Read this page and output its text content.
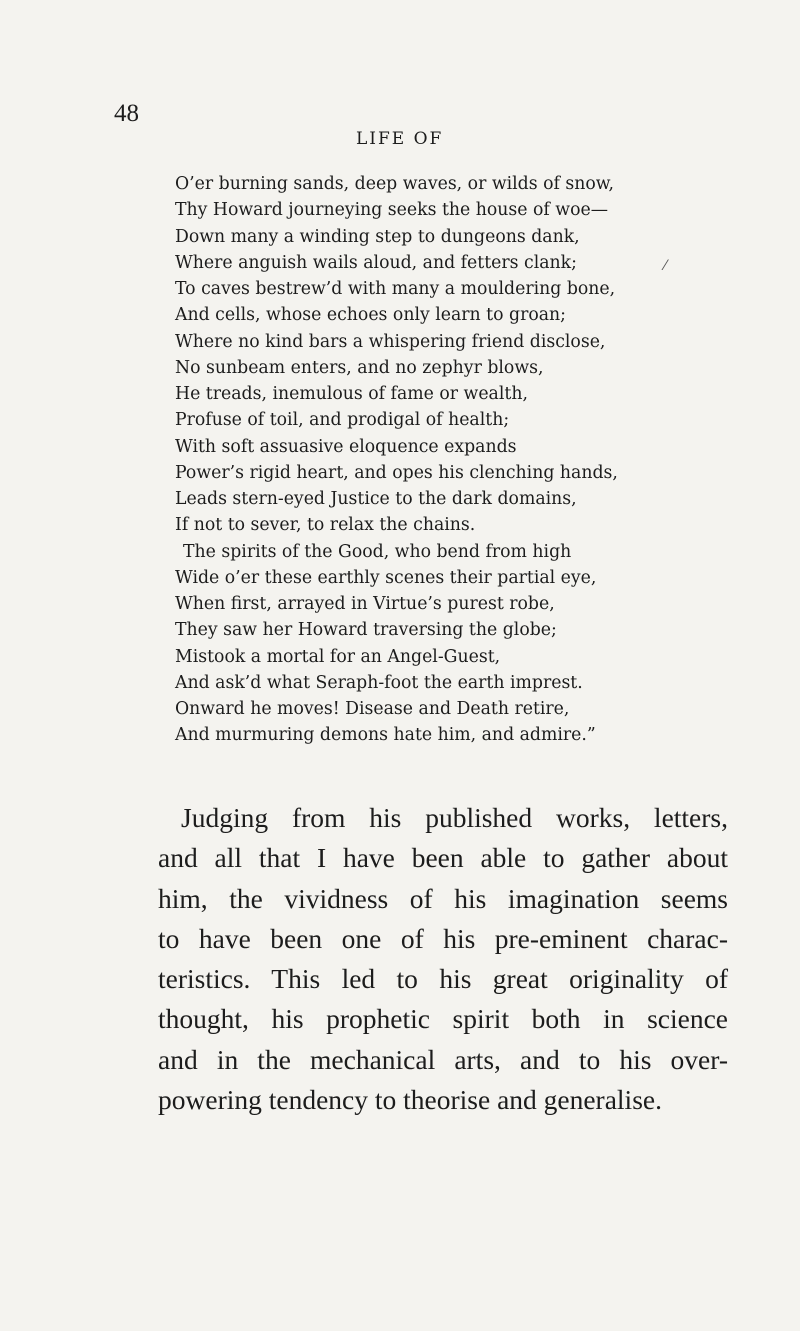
48
LIFE OF
O’er burning sands, deep waves, or wilds of snow,
Thy Howard journeying seeks the house of woe—
Down many a winding step to dungeons dank,
Where anguish wails aloud, and fetters clank;
To caves bestrew’d with many a mouldering bone,
And cells, whose echoes only learn to groan;
Where no kind bars a whispering friend disclose,
No sunbeam enters, and no zephyr blows,
He treads, inemulous of fame or wealth,
Profuse of toil, and prodigal of health;
With soft assuasive eloquence expands
Power’s rigid heart, and opes his clenching hands,
Leads stern-eyed Justice to the dark domains,
If not to sever, to relax the chains.
The spirits of the Good, who bend from high
Wide o’er these earthly scenes their partial eye,
When first, arrayed in Virtue’s purest robe,
They saw her Howard traversing the globe;
Mistook a mortal for an Angel-Guest,
And ask’d what Seraph-foot the earth imprest.
Onward he moves! Disease and Death retire,
And murmuring demons hate him, and admire.”
⁄
Judging from his published works, letters,
and all that I have been able to gather about
him, the vividness of his imagination seems
to have been one of his pre-eminent charac-
teristics. This led to his great originality of
thought, his prophetic spirit both in science
and in the mechanical arts, and to his over-
powering tendency to theorise and generalise.
